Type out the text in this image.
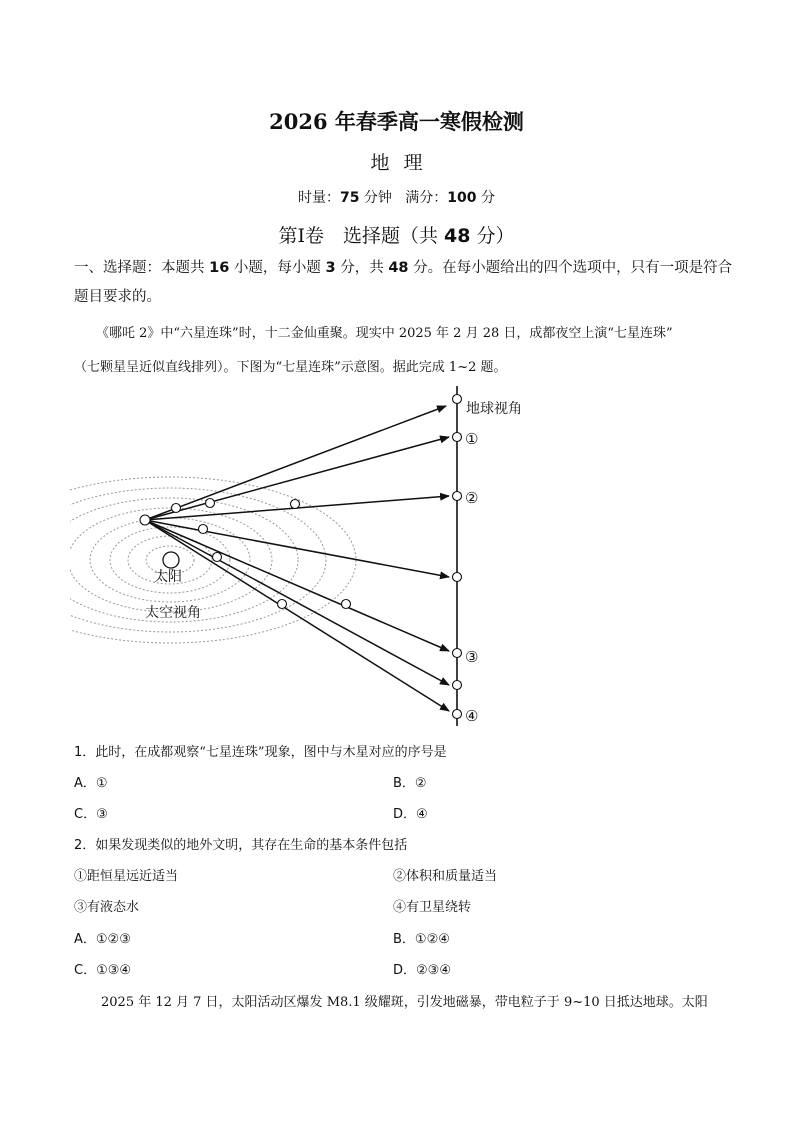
2026 年春季高一寒假检测
地理
时量：75 分钟 满分：100 分
第Ⅰ卷　选择题（共 48 分）
一、选择题：本题共 16 小题，每小题 3 分，共 48 分。在每小题给出的四个选项中，只有一项是符合题目要求的。
《哪吒 2》中“六星连珠”时，十二金仙重聚。现实中 2025 年 2 月 28 日，成都夜空上演“七星连珠”
（七颗星呈近似直线排列）。下图为“七星连珠”示意图。据此完成 1~2 题。
地球视角
①
②
③
④
太阳
太空视角
1．此时，在成都观察“七星连珠”现象，图中与木星对应的序号是
A．①	B．②
C．③	D．④
2．如果发现类似的地外文明，其存在生命的基本条件包括
①距恒星远近适当	②体积和质量适当
③有液态水	④有卫星绕转
A．①②③	B．①②④
C．①③④	D．②③④
2025 年 12 月 7 日，太阳活动区爆发 M8.1 级耀斑，引发地磁暴，带电粒子于 9~10 日抵达地球。太阳
